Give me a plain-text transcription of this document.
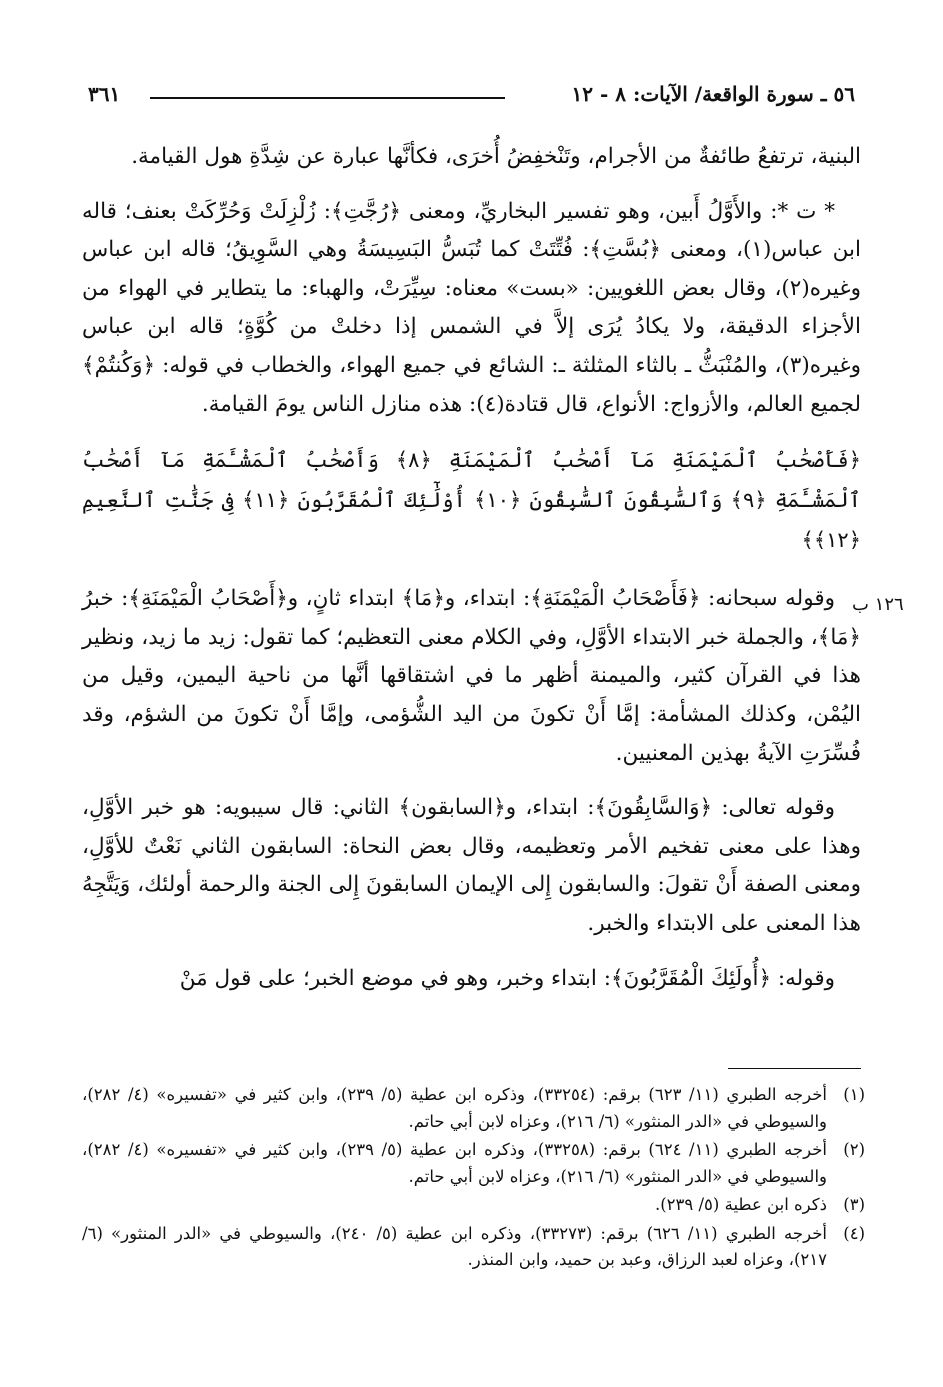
٥٦ ـ سورة الواقعة/ الآيات: ٨ - ١٢
٣٦١
١٢٦ ب

البنية، ترتفعُ طائفةٌ من الأجرام، وتَنْخفِضُ أُخرَى، فكأنَّها عبارة عن شِدَّةِ هول القيامة.

* ت *: والأَوَّلُ أَبين، وهو تفسير البخاريِّ، ومعنى ﴿رُجَّتِ﴾: زُلْزِلَتْ وَحُرِّكَتْ بعنف؛ قاله ابن عباس(١)، ومعنى ﴿بُسَّتِ﴾: فُتِّتَتْ كما تُبَسُّ البَسِيسَةُ وهي السَّوِيقُ؛ قاله ابن عباس وغيره(٢)، وقال بعض اللغويين: «بست» معناه: سِيِّرَتْ، والهباء: ما يتطاير في الهواء من الأجزاء الدقيقة، ولا يكادُ يُرَى إلاَّ في الشمس إذا دخلتْ من كُوَّةٍ؛ قاله ابن عباس وغيره(٣)، والمُنْبَثُّ ـ بالثاء المثلثة ـ: الشائع في جميع الهواء، والخطاب في قوله: ﴿وَكُنتُمْ﴾ لجميع العالم، والأزواج: الأنواع، قال قتادة(٤): هذه منازل الناس يومَ القيامة.

﴿فَأَصْحَٰبُ ٱلْمَيْمَنَةِ مَآ أَصْحَٰبُ ٱلْمَيْمَنَةِ ﴿٨﴾ وَأَصْحَٰبُ ٱلْمَشْـَٔمَةِ مَآ أَصْحَٰبُ ٱلْمَشْـَٔمَةِ ﴿٩﴾ وَٱلسَّٰبِقُونَ ٱلسَّٰبِقُونَ ﴿١٠﴾ أُوْلَٰٓئِكَ ٱلْمُقَرَّبُونَ ﴿١١﴾ فِى جَنَّٰتِ ٱلنَّعِيمِ ﴿١٢﴾﴾

وقوله سبحانه: ﴿فَأَصْحَابُ الْمَيْمَنَةِ﴾: ابتداء، و﴿مَا﴾ ابتداء ثانٍ، و﴿أَصْحَابُ الْمَيْمَنَةِ﴾: خبرُ ﴿مَا﴾، والجملة خبر الابتداء الأوَّلِ، وفي الكلام معنى التعظيم؛ كما تقول: زيد ما زيد، ونظير هذا في القرآن كثير، والميمنة أظهر ما في اشتقاقها أنَّها من ناحية اليمين، وقيل من اليُمْن، وكذلك المشأمة: إمَّا أَنْ تكونَ من اليد الشُّؤمى، وإمَّا أَنْ تكونَ من الشؤم، وقد فُسِّرَتِ الآيةُ بهذين المعنيين.

وقوله تعالى: ﴿وَالسَّابِقُونَ﴾: ابتداء، و﴿السابقون﴾ الثاني: قال سيبويه: هو خبر الأوَّلِ، وهذا على معنى تفخيم الأمر وتعظيمه، وقال بعض النحاة: السابقون الثاني نَعْتٌ للأوَّلِ، ومعنى الصفة أَنْ تقولَ: والسابقون إِلى الإيمان السابقونَ إِلى الجنة والرحمة أولئك، وَيَتَّجِهُ هذا المعنى على الابتداء والخبر.

وقوله: ﴿أُولَئِكَ الْمُقَرَّبُونَ﴾: ابتداء وخبر، وهو في موضع الخبر؛ على قول مَنْ

(١)
أخرجه الطبري (١١/ ٦٢٣) برقم: (٣٣٢٥٤)، وذكره ابن عطية (٥/ ٢٣٩)، وابن كثير في «تفسيره» (٤/ ٢٨٢)، والسيوطي في «الدر المنثور» (٦/ ٢١٦)، وعزاه لابن أبي حاتم.
(٢)
أخرجه الطبري (١١/ ٦٢٤) برقم: (٣٣٢٥٨)، وذكره ابن عطية (٥/ ٢٣٩)، وابن كثير في «تفسيره» (٤/ ٢٨٢)، والسيوطي في «الدر المنثور» (٦/ ٢١٦)، وعزاه لابن أبي حاتم.
(٣)
ذكره ابن عطية (٥/ ٢٣٩).
(٤)
أخرجه الطبري (١١/ ٦٢٦) برقم: (٣٣٢٧٣)، وذكره ابن عطية (٥/ ٢٤٠)، والسيوطي في «الدر المنثور» (٦/ ٢١٧)، وعزاه لعبد الرزاق، وعبد بن حميد، وابن المنذر.
